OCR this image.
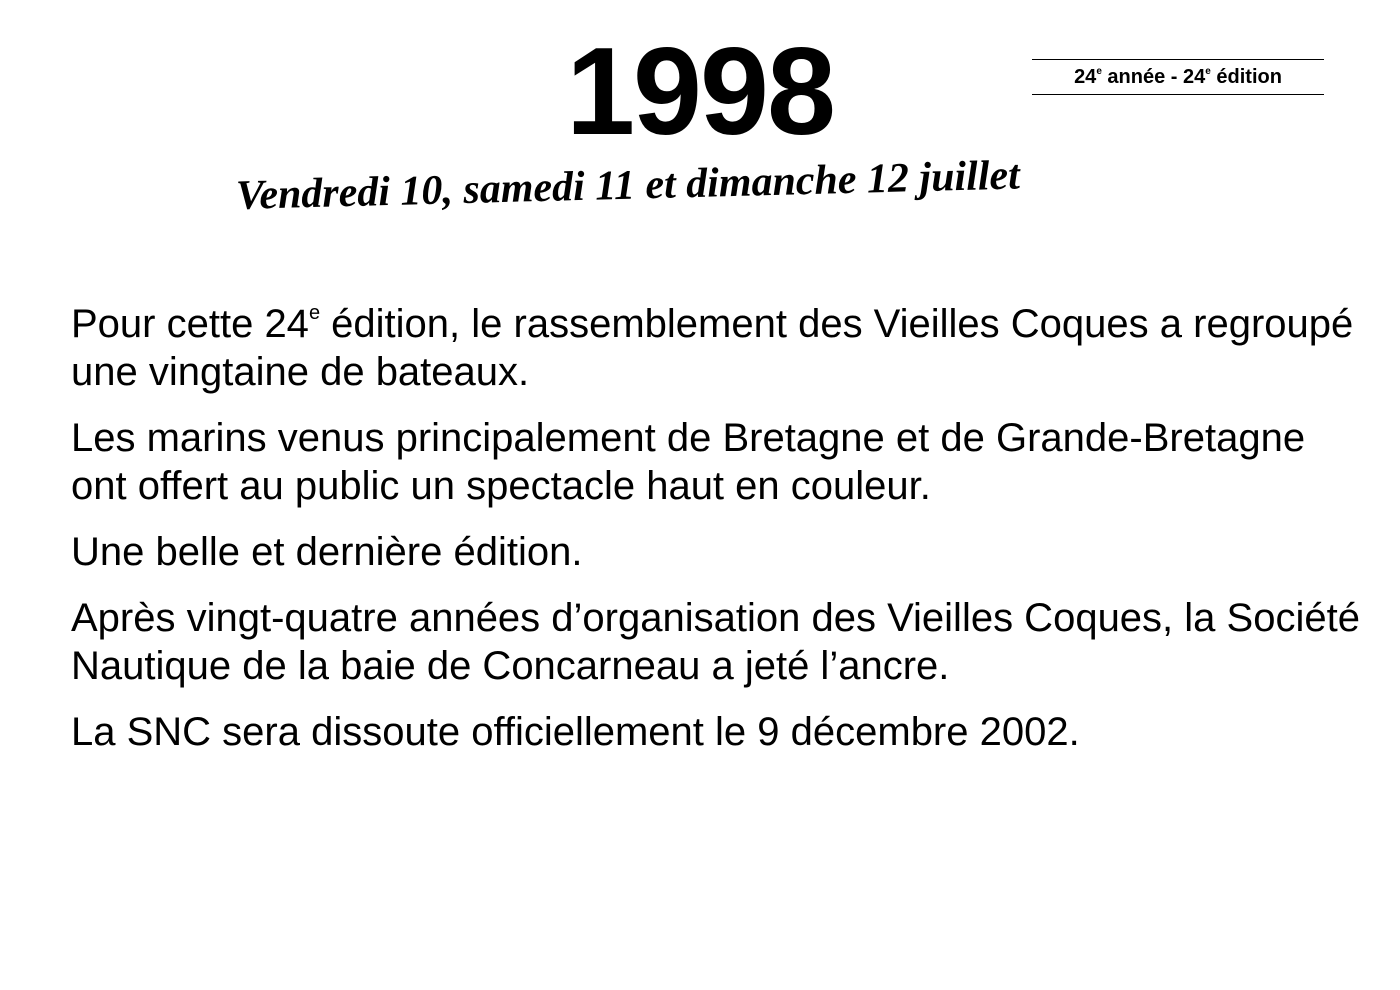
1998	24e année - 24e édition
Vendredi 10, samedi 11 et dimanche 12 juillet

Pour cette 24e édition, le rassemblement des Vieilles Coques a regroupé une vingtaine de bateaux.

Les marins venus principalement de Bretagne et de Grande-Bretagne ont offert au public un spectacle haut en couleur.

Une belle et dernière édition.

Après vingt-quatre années d’organisation des Vieilles Coques, la Société Nautique de la baie de Concarneau a jeté l’ancre.

La SNC sera dissoute officiellement le 9 décembre 2002.
